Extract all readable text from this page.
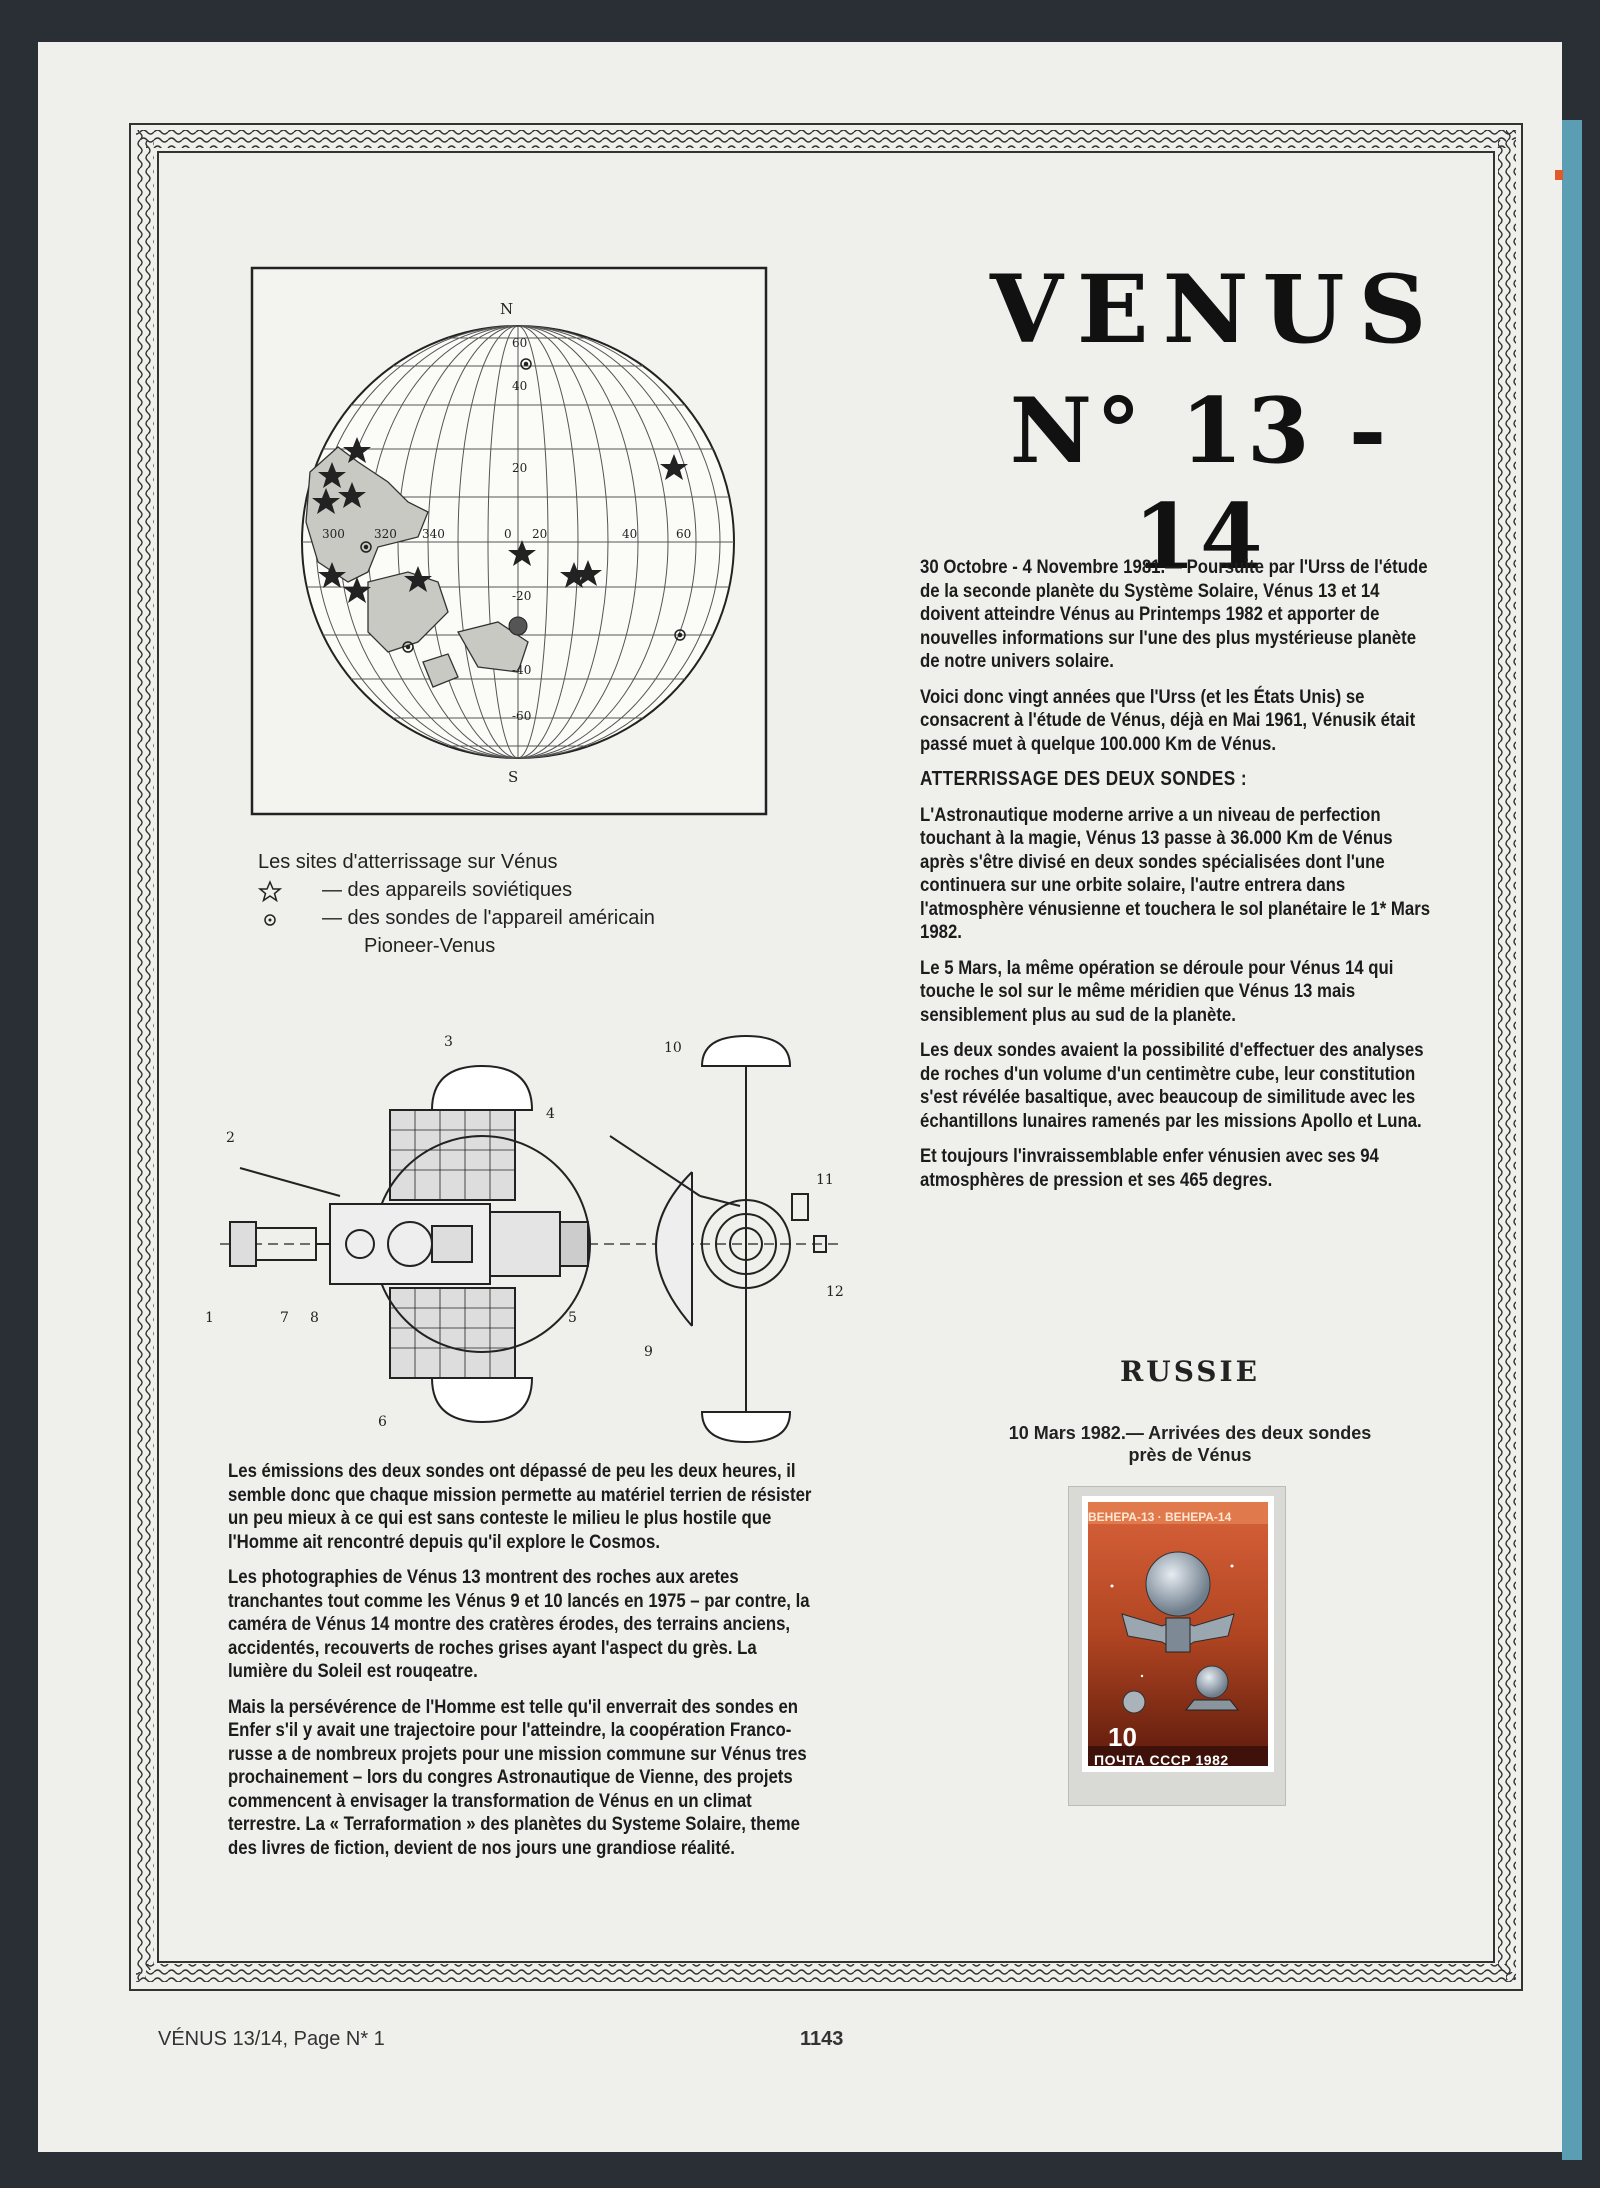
VENUS
N° 13 - 14
N
S
60
40
20
0
-20
-40
-60
300 320 340	20	40	60
Les sites d'atterrissage sur Vénus
— des appareils soviétiques
— des sondes de l'appareil américain
Pioneer-Venus
1
2
3
4
5
6
7 8
9
10
11
12

30 Octobre - 4 Novembre 1981.— Poursuite par l'Urss de l'étude de la seconde planète du Système Solaire, Vénus 13 et 14 doivent atteindre Vénus au Printemps 1982 et apporter de nouvelles informations sur l'une des plus mystérieuse planète de notre univers solaire.

Voici donc vingt années que l'Urss (et les États Unis) se consacrent à l'étude de Vénus, déjà en Mai 1961, Vénusik était passé muet à quelque 100.000 Km de Vénus.

ATTERRISSAGE DES DEUX SONDES :

L'Astronautique moderne arrive a un niveau de perfection touchant à la magie, Vénus 13 passe à 36.000 Km de Vénus après s'être divisé en deux sondes spécialisées dont l'une continuera sur une orbite solaire, l'autre entrera dans l'atmosphère vénusienne et touchera le sol planétaire le 1* Mars 1982.

Le 5 Mars, la même opération se déroule pour Vénus 14 qui touche le sol sur le même méridien que Vénus 13 mais sensiblement plus au sud de la planète.

Les deux sondes avaient la possibilité d'effectuer des analyses de roches d'un volume d'un centimètre cube, leur constitution s'est révélée basaltique, avec beaucoup de similitude avec les échantillons lunaires ramenés par les missions Apollo et Luna.

Et toujours l'invraissemblable enfer vénusien avec ses 94 atmosphères de pression et ses 465 degres.

Les émissions des deux sondes ont dépassé de peu les deux heures, il semble donc que chaque mission permette au matériel terrien de résister un peu mieux à ce qui est sans conteste le milieu le plus hostile que l'Homme ait rencontré depuis qu'il explore le Cosmos.

Les photographies de Vénus 13 montrent des roches aux aretes tranchantes tout comme les Vénus 9 et 10 lancés en 1975 – par contre, la caméra de Vénus 14 montre des cratères érodes, des terrains anciens, accidentés, recouverts de roches grises ayant l'aspect du grès. La lumière du Soleil est rouqeatre.

Mais la persévérence de l'Homme est telle qu'il enverrait des sondes en Enfer s'il y avait une trajectoire pour l'atteindre, la coopération Franco-russe a de nombreux projets pour une mission commune sur Vénus tres prochainement – lors du congres Astronautique de Vienne, des projets commencent à envisager la transformation de Vénus en un climat terrestre. La « Terraformation » des planètes du Systeme Solaire, theme des livres de fiction, devient de nos jours une grandiose réalité.

RUSSIE
10 Mars 1982.— Arrivées des deux sondes
près de Vénus
ВЕНЕРА-13 · ВЕНЕРА-14
10
ПОЧТА СССР 1982
VÉNUS 13/14, Page N* 1	1143
